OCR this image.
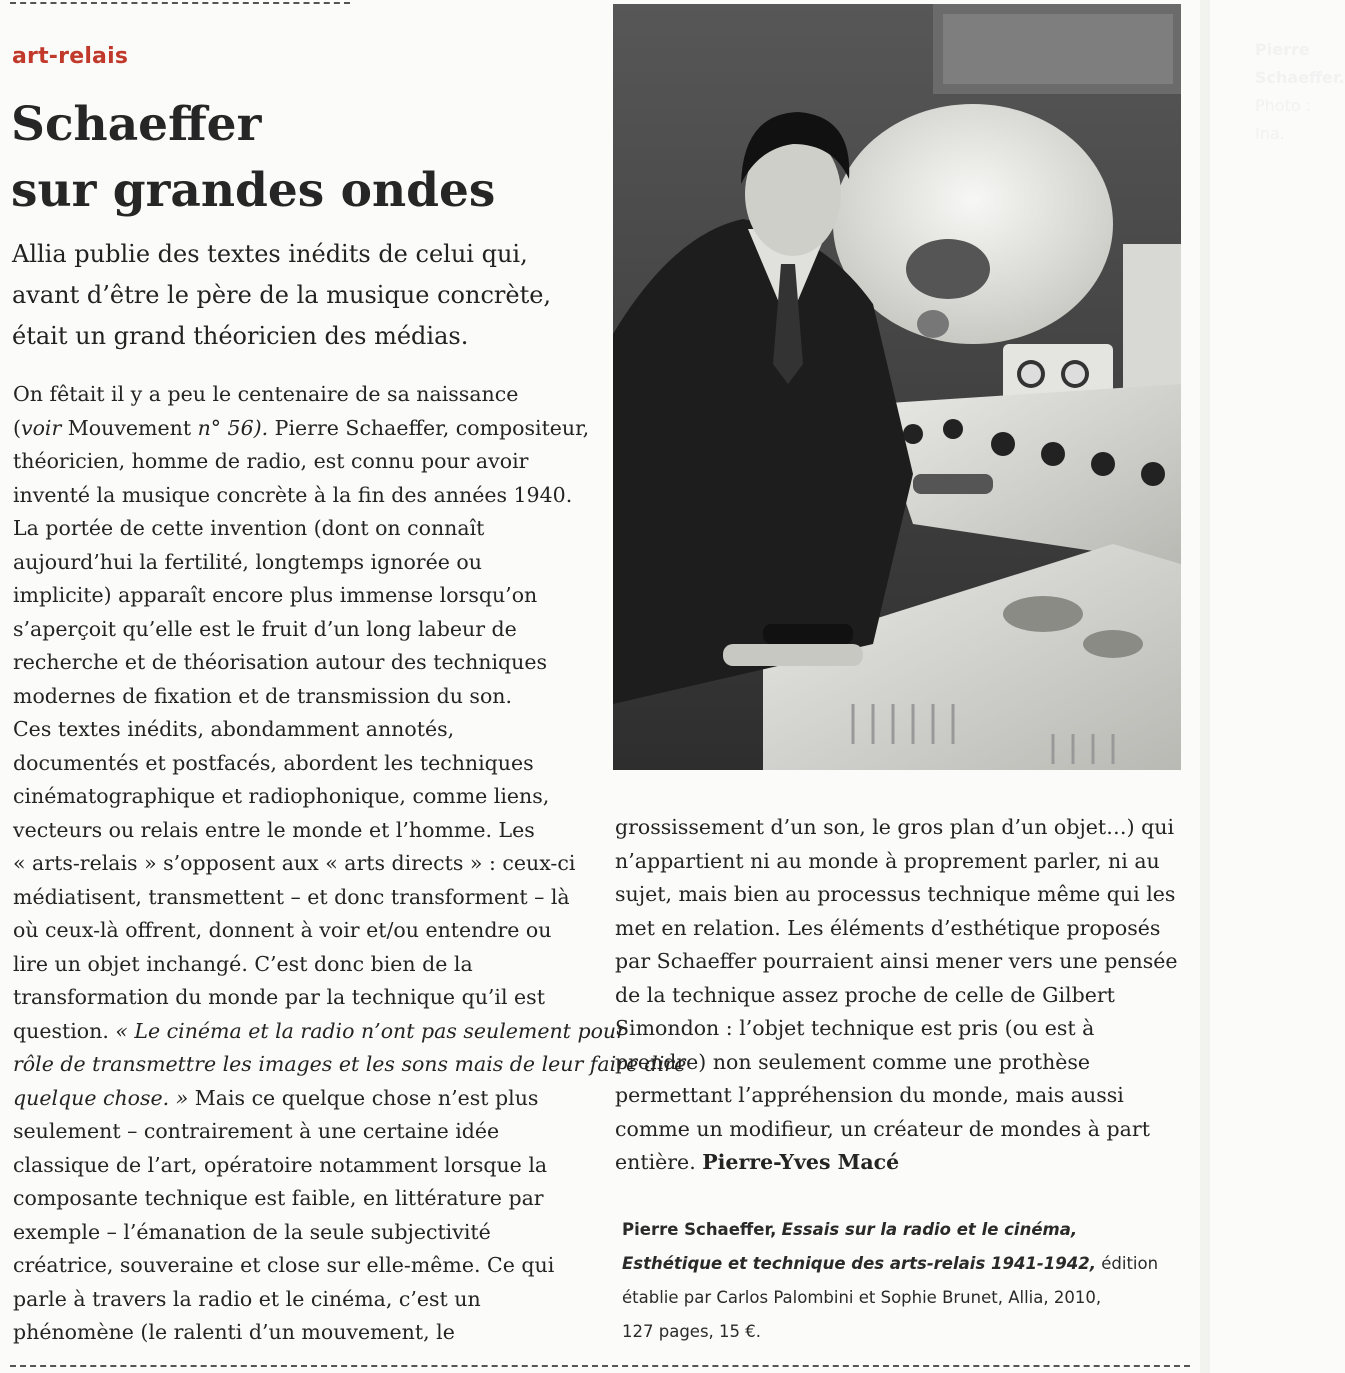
art-relais
Schaeffer
sur grandes ondes

Allia publie des textes inédits de celui qui,
avant d’être le père de la musique concrète,
était un grand théoricien des médias.

Pierre Schaeffer.
Photo : Ina.
On fêtait il y a peu le centenaire de sa naissance
(voir Mouvement n° 56). Pierre Schaeffer, compositeur,
théoricien, homme de radio, est connu pour avoir
inventé la musique concrète à la fin des années 1940.
La portée de cette invention (dont on connaît
aujourd’hui la fertilité, longtemps ignorée ou
implicite) apparaît encore plus immense lorsqu’on
s’aperçoit qu’elle est le fruit d’un long labeur de
recherche et de théorisation autour des techniques
modernes de fixation et de transmission du son.
Ces textes inédits, abondamment annotés,
documentés et postfacés, abordent les techniques
cinématographique et radiophonique, comme liens,
vecteurs ou relais entre le monde et l’homme. Les
« arts-relais » s’opposent aux « arts directs » : ceux-ci
médiatisent, transmettent – et donc transforment – là
où ceux-là offrent, donnent à voir et/ou entendre ou
lire un objet inchangé. C’est donc bien de la
transformation du monde par la technique qu’il est
question. « Le cinéma et la radio n’ont pas seulement pour
rôle de transmettre les images et les sons mais de leur faire dire
quelque chose. » Mais ce quelque chose n’est plus
seulement – contrairement à une certaine idée
classique de l’art, opératoire notamment lorsque la
composante technique est faible, en littérature par
exemple – l’émanation de la seule subjectivité
créatrice, souveraine et close sur elle-même. Ce qui
parle à travers la radio et le cinéma, c’est un
phénomène (le ralenti d’un mouvement, le
grossissement d’un son, le gros plan d’un objet…) qui
n’appartient ni au monde à proprement parler, ni au
sujet, mais bien au processus technique même qui les
met en relation. Les éléments d’esthétique proposés
par Schaeffer pourraient ainsi mener vers une pensée
de la technique assez proche de celle de Gilbert
Simondon : l’objet technique est pris (ou est à
prendre) non seulement comme une prothèse
permettant l’appréhension du monde, mais aussi
comme un modifieur, un créateur de mondes à part
entière. Pierre-Yves Macé
Pierre Schaeffer, Essais sur la radio et le cinéma,
Esthétique et technique des arts-relais 1941-1942, édition
établie par Carlos Palombini et Sophie Brunet, Allia, 2010,
127 pages, 15 €.
